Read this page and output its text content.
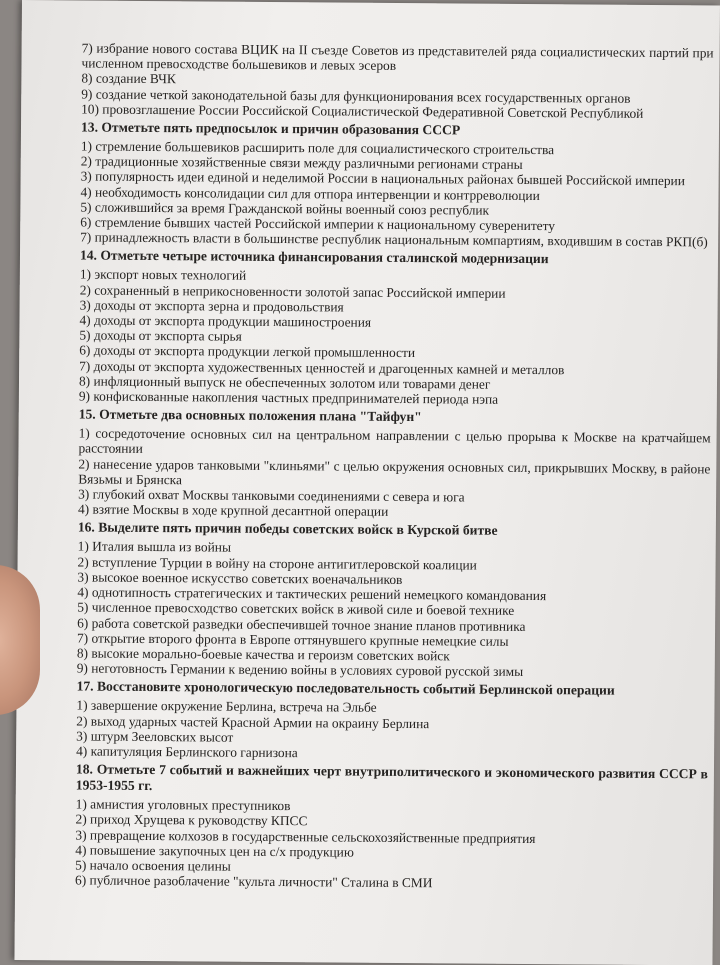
7) избрание нового состава ВЦИК на II съезде Советов из представителей ряда социалистических партий при численном превосходстве большевиков и левых эсеров
8) создание ВЧК
9) создание четкой законодательной базы для функционирования всех государственных органов
10) провозглашение России Российской Социалистической Федеративной Советской Республикой
13. Отметьте пять предпосылок и причин образования СССР
1) стремление большевиков расширить поле для социалистического строительства
2) традиционные хозяйственные связи между различными регионами страны
3) популярность идеи единой и неделимой России в национальных районах бывшей Российской империи
4) необходимость консолидации сил для отпора интервенции и контрреволюции
5) сложившийся за время Гражданской войны военный союз республик
6) стремление бывших частей Российской империи к национальному суверенитету
7) принадлежность власти в большинстве республик национальным компартиям, входившим в состав РКП(б)
14. Отметьте четыре источника финансирования сталинской модернизации
1) экспорт новых технологий
2) сохраненный в неприкосновенности золотой запас Российской империи
3) доходы от экспорта зерна и продовольствия
4) доходы от экспорта продукции машиностроения
5) доходы от экспорта сырья
6) доходы от экспорта продукции легкой промышленности
7) доходы от экспорта художественных ценностей и драгоценных камней и металлов
8) инфляционный выпуск не обеспеченных золотом или товарами денег
9) конфискованные накопления частных предпринимателей периода нэпа
15. Отметьте два основных положения плана "Тайфун"
1) сосредоточение основных сил на центральном направлении с целью прорыва к Москве на кратчайшем расстоянии
2) нанесение ударов танковыми "клиньями" с целью окружения основных сил, прикрывших Москву, в районе Вязьмы и Брянска
3) глубокий охват Москвы танковыми соединениями с севера и юга
4) взятие Москвы в ходе крупной десантной операции
16. Выделите пять причин победы советских войск в Курской битве
1) Италия вышла из войны
2) вступление Турции в войну на стороне антигитлеровской коалиции
3) высокое военное искусство советских военачальников
4) однотипность стратегических и тактических решений немецкого командования
5) численное превосходство советских войск в живой силе и боевой технике
6) работа советской разведки обеспечившей точное знание планов противника
7) открытие второго фронта в Европе оттянувшего крупные немецкие силы
8) высокие морально-боевые качества и героизм советских войск
9) неготовность Германии к ведению войны в условиях суровой русской зимы
17. Восстановите хронологическую последовательность событий Берлинской операции
1) завершение окружение Берлина, встреча на Эльбе
2) выход ударных частей Красной Армии на окраину Берлина
3) штурм Зееловских высот
4) капитуляция Берлинского гарнизона
18. Отметьте 7 событий и важнейших черт внутриполитического и экономического развития СССР в 1953-1955 гг.
1) амнистия уголовных преступников
2) приход Хрущева к руководству КПСС
3) превращение колхозов в государственные сельскохозяйственные предприятия
4) повышение закупочных цен на с/х продукцию
5) начало освоения целины
6) публичное разоблачение "культа личности" Сталина в СМИ
